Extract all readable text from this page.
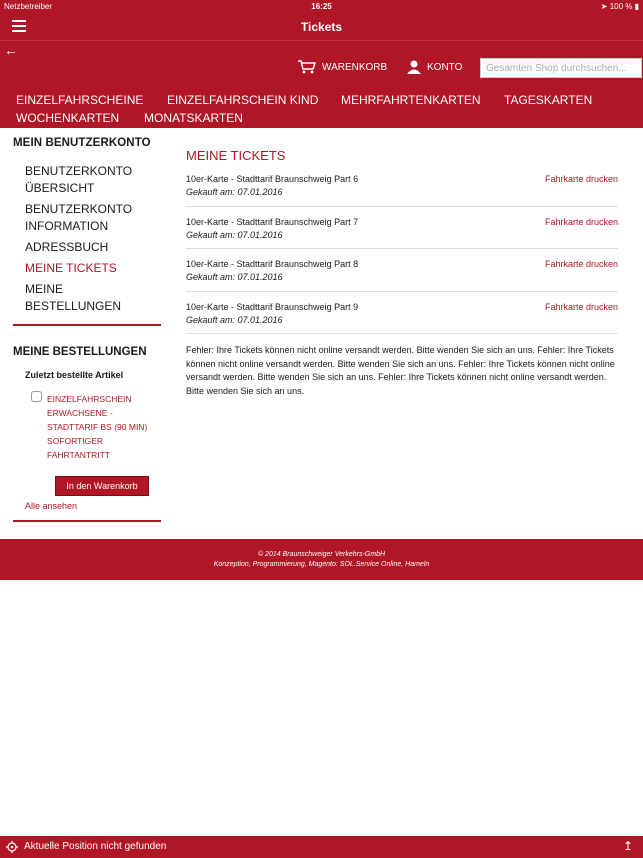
Netzbetreiber	16:25	➤ 100 % ▮
Tickets
←
WARENKORB	KONTO
Gesamten Shop durchsuchen...
EINZELFAHRSCHEINE	EINZELFAHRSCHEIN KIND	MEHRFAHRTENKARTEN	TAGESKARTEN
WOCHENKARTEN	MONATSKARTEN
MEIN BENUTZERKONTO
BENUTZERKONTO ÜBERSICHT
BENUTZERKONTO INFORMATION
ADRESSBUCH
MEINE TICKETS
MEINE BESTELLUNGEN
MEINE BESTELLUNGEN
Zuletzt bestellte Artikel
EINZELFAHRSCHEIN ERWACHSENE - STADTTARIF BS (90 MIN) SOFORTIGER FAHRTANTRITT
In den Warenkorb
Alle ansehen
MEINE TICKETS
10er-Karte - Stadttarif Braunschweig Part 6
Gekauft am: 07.01.2016
Fahrkarte drucken
10er-Karte - Stadttarif Braunschweig Part 7
Gekauft am: 07.01.2016
Fahrkarte drucken
10er-Karte - Stadttarif Braunschweig Part 8
Gekauft am: 07.01.2016
Fahrkarte drucken
10er-Karte - Stadttarif Braunschweig Part 9
Gekauft am: 07.01.2016
Fahrkarte drucken
Fehler: Ihre Tickets können nicht online versandt werden. Bitte wenden Sie sich an uns. Fehler: Ihre Tickets können nicht online versandt werden. Bitte wenden Sie sich an uns. Fehler: Ihre Tickets können nicht online versandt werden. Bitte wenden Sie sich an uns. Fehler: Ihre Tickets können nicht online versandt werden. Bitte wenden Sie sich an uns.
© 2014 Braunschweiger Verkehrs-GmbH
Konzeption, Programmierung, Magento: SOL.Service Online, Hameln
Aktuelle Position nicht gefunden	↥
